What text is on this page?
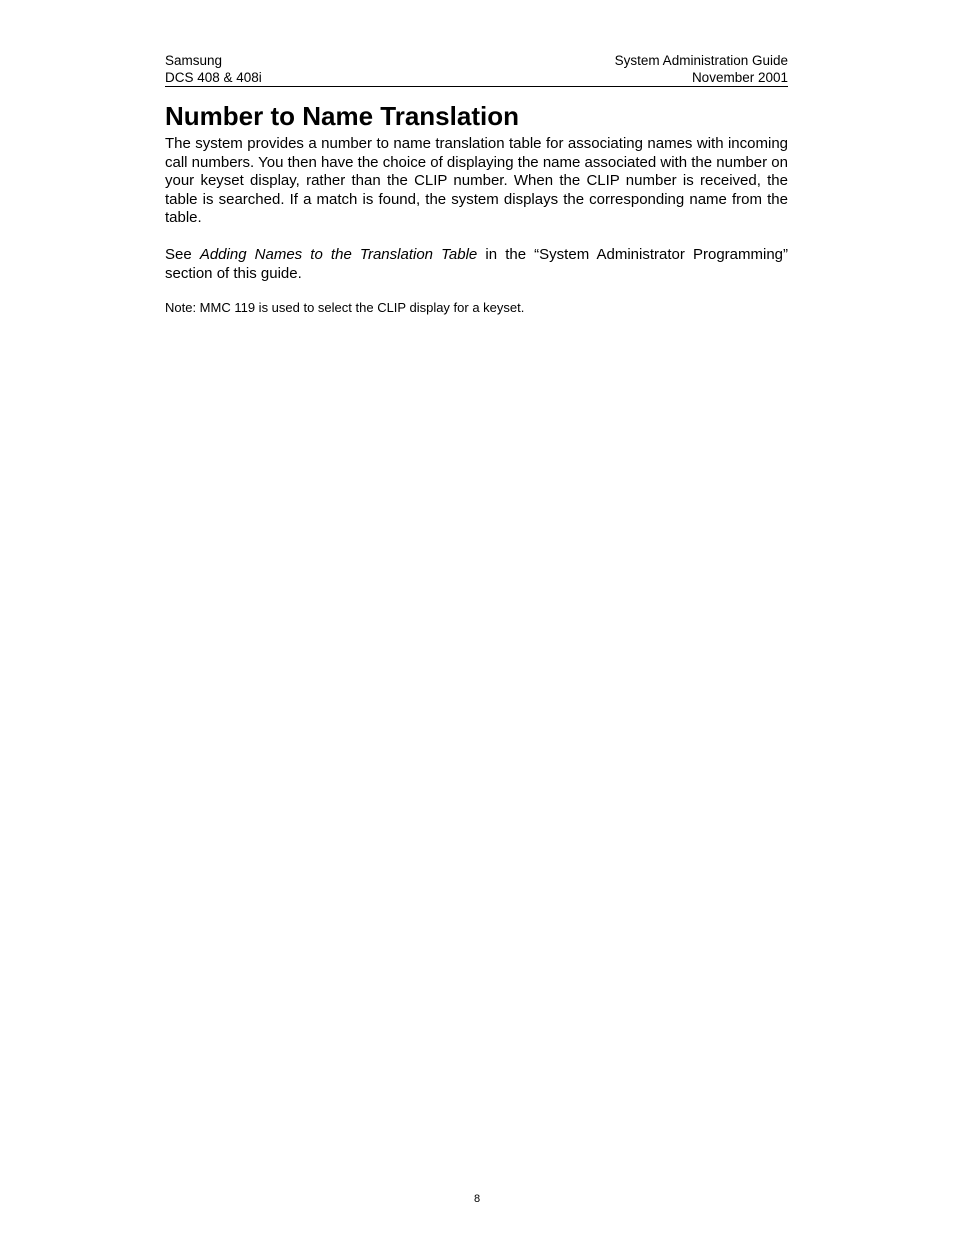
Samsung
DCS 408 & 408i
System Administration Guide
November 2001
Number to Name Translation

The system provides a number to name translation table for associating names with incoming call numbers. You then have the choice of displaying the name associated with the number on your keyset display, rather than the CLIP number. When the CLIP number is received, the table is searched. If a match is found, the system displays the corresponding name from the table.

See Adding Names to the Translation Table in the “System Administrator Programming” section of this guide.

Note: MMC 119 is used to select the CLIP display for a keyset.

8
